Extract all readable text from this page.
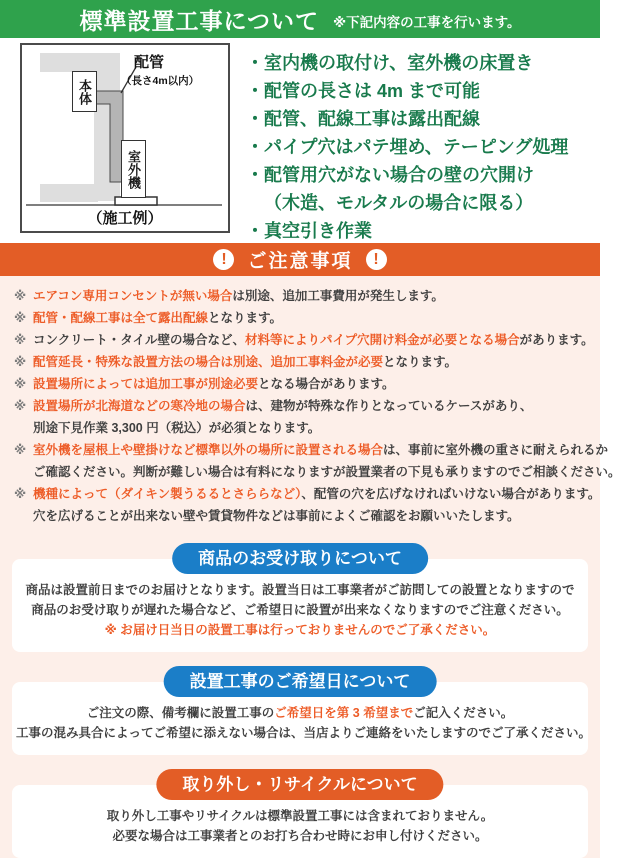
標準設置工事について ※下記内容の工事を行います。
配管
（長さ4m以内）
本体
室外機
（施工例）
・ 室内機の取付け、室外機の床置き
・ 配管の長さは 4m まで可能
・ 配管、配線工事は露出配線
・ パイプ穴はパテ埋め、テーピング処理
・ 配管用穴がない場合の壁の穴開け
（木造、モルタルの場合に限る）
・ 真空引き作業
!	ご注意事項	!
※ エアコン専用コンセントが無い場合は別途、追加工事費用が発生します。
※ 配管・配線工事は全て露出配線となります。
※ コンクリート・タイル壁の場合など、材料等によりパイプ穴開け料金が必要となる場合があります。
※ 配管延長・特殊な設置方法の場合は別途、追加工事料金が必要となります。
※ 設置場所によっては追加工事が別途必要となる場合があります。
※ 設置場所が北海道などの寒冷地の場合は、建物が特殊な作りとなっているケースがあり、
別途下見作業 3,300 円（税込）が必須となります。
※ 室外機を屋根上や壁掛けなど標準以外の場所に設置される場合は、事前に室外機の重さに耐えられるか
ご確認ください。判断が難しい場合は有料になりますが設置業者の下見も承りますのでご相談ください。
※ 機種によって（ダイキン製うるるとさららなど）、配管の穴を広げなければいけない場合があります。
穴を広げることが出来ない壁や賃貸物件などは事前によくご確認をお願いいたします。
商品のお受け取りについて

商品は設置前日までのお届けとなります。設置当日は工事業者がご訪問しての設置となりますので

商品のお受け取りが遅れた場合など、ご希望日に設置が出来なくなりますのでご注意ください。

※ お届け日当日の設置工事は行っておりませんのでご了承ください。

設置工事のご希望日について

ご注文の際、備考欄に設置工事のご希望日を第 3 希望までご記入ください。

工事の混み具合によってご希望に添えない場合は、当店よりご連絡をいたしますのでご了承ください。

取り外し・リサイクルについて

取り外し工事やリサイクルは標準設置工事には含まれておりません。

必要な場合は工事業者とのお打ち合わせ時にお申し付けください。
